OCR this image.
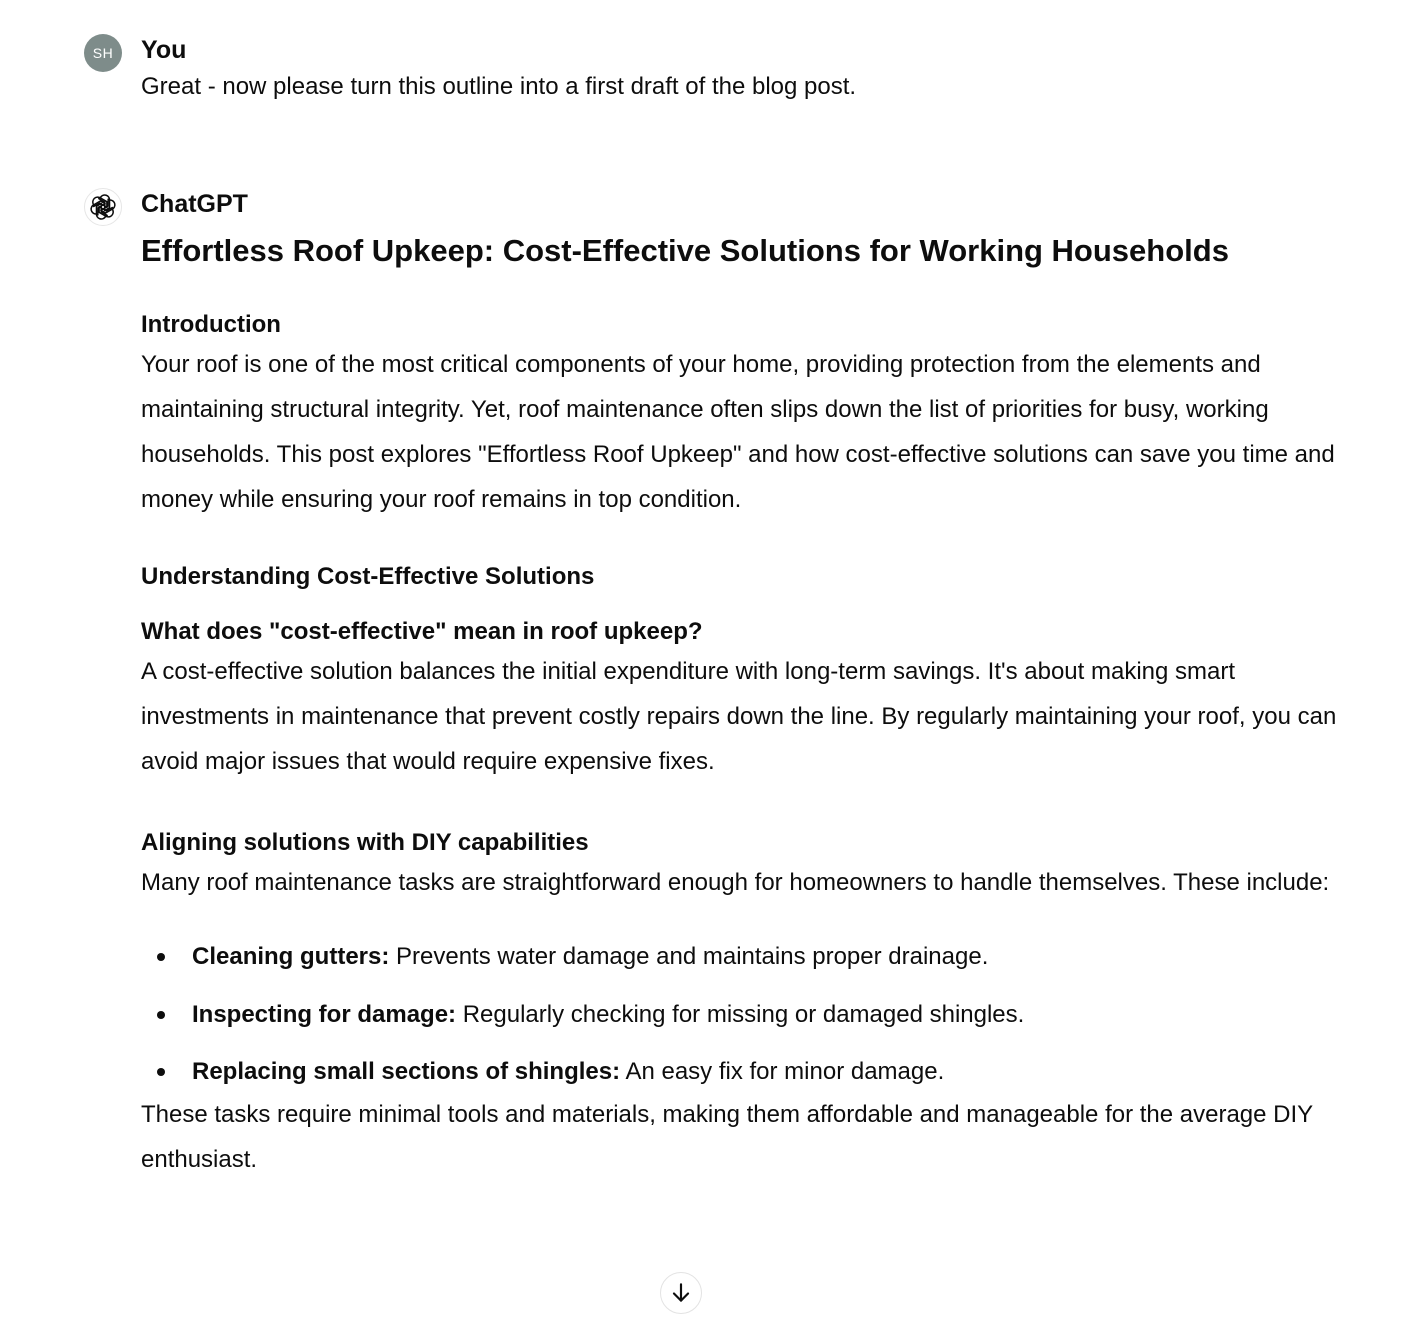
SH You
Great - now please turn this outline into a first draft of the blog post.
ChatGPT
Effortless Roof Upkeep: Cost-Effective Solutions for Working Households
Introduction

Your roof is one of the most critical components of your home, providing protection from the elements and maintaining structural integrity. Yet, roof maintenance often slips down the list of priorities for busy, working households. This post explores "Effortless Roof Upkeep" and how cost-effective solutions can save you time and money while ensuring your roof remains in top condition.

Understanding Cost-Effective Solutions
What does "cost-effective" mean in roof upkeep?

A cost-effective solution balances the initial expenditure with long-term savings. It's about making smart investments in maintenance that prevent costly repairs down the line. By regularly maintaining your roof, you can avoid major issues that would require expensive fixes.

Aligning solutions with DIY capabilities

Many roof maintenance tasks are straightforward enough for homeowners to handle themselves. These include:

Cleaning gutters: Prevents water damage and maintains proper drainage.
Inspecting for damage: Regularly checking for missing or damaged shingles.
Replacing small sections of shingles: An easy fix for minor damage.

These tasks require minimal tools and materials, making them affordable and manageable for the average DIY enthusiast.
